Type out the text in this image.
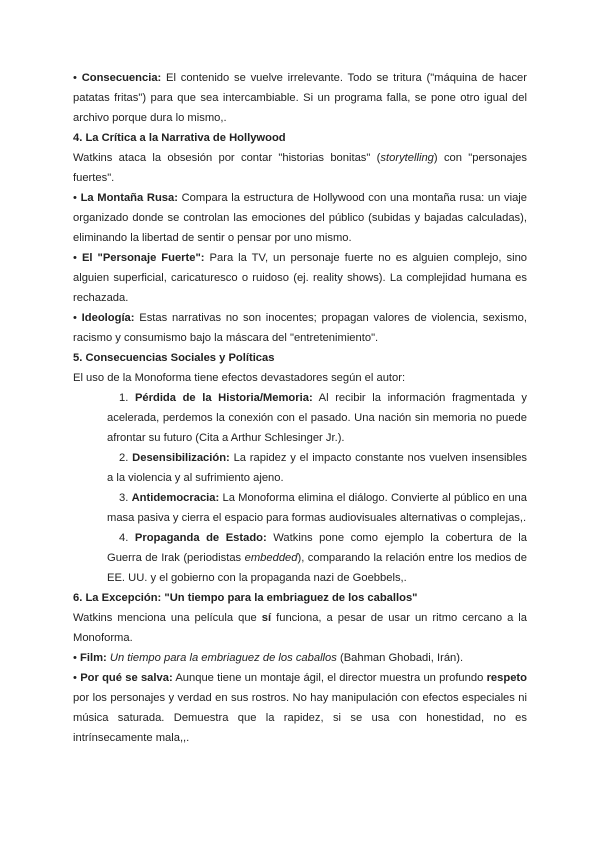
• Consecuencia: El contenido se vuelve irrelevante. Todo se tritura ("máquina de hacer patatas fritas") para que sea intercambiable. Si un programa falla, se pone otro igual del archivo porque dura lo mismo,.

4. La Crítica a la Narrativa de Hollywood

Watkins ataca la obsesión por contar "historias bonitas" (storytelling) con "personajes fuertes".

• La Montaña Rusa: Compara la estructura de Hollywood con una montaña rusa: un viaje organizado donde se controlan las emociones del público (subidas y bajadas calculadas), eliminando la libertad de sentir o pensar por uno mismo.

• El "Personaje Fuerte": Para la TV, un personaje fuerte no es alguien complejo, sino alguien superficial, caricaturesco o ruidoso (ej. reality shows). La complejidad humana es rechazada.

• Ideología: Estas narrativas no son inocentes; propagan valores de violencia, sexismo, racismo y consumismo bajo la máscara del "entretenimiento".

5. Consecuencias Sociales y Políticas

El uso de la Monoforma tiene efectos devastadores según el autor:

1. Pérdida de la Historia/Memoria: Al recibir la información fragmentada y acelerada, perdemos la conexión con el pasado. Una nación sin memoria no puede afrontar su futuro (Cita a Arthur Schlesinger Jr.).

2. Desensibilización: La rapidez y el impacto constante nos vuelven insensibles a la violencia y al sufrimiento ajeno.

3. Antidemocracia: La Monoforma elimina el diálogo. Convierte al público en una masa pasiva y cierra el espacio para formas audiovisuales alternativas o complejas,.

4. Propaganda de Estado: Watkins pone como ejemplo la cobertura de la Guerra de Irak (periodistas embedded), comparando la relación entre los medios de EE. UU. y el gobierno con la propaganda nazi de Goebbels,.

6. La Excepción: "Un tiempo para la embriaguez de los caballos"

Watkins menciona una película que sí funciona, a pesar de usar un ritmo cercano a la Monoforma.

• Film: Un tiempo para la embriaguez de los caballos (Bahman Ghobadi, Irán).

• Por qué se salva: Aunque tiene un montaje ágil, el director muestra un profundo respeto por los personajes y verdad en sus rostros. No hay manipulación con efectos especiales ni música saturada. Demuestra que la rapidez, si se usa con honestidad, no es intrínsecamente mala,,.
